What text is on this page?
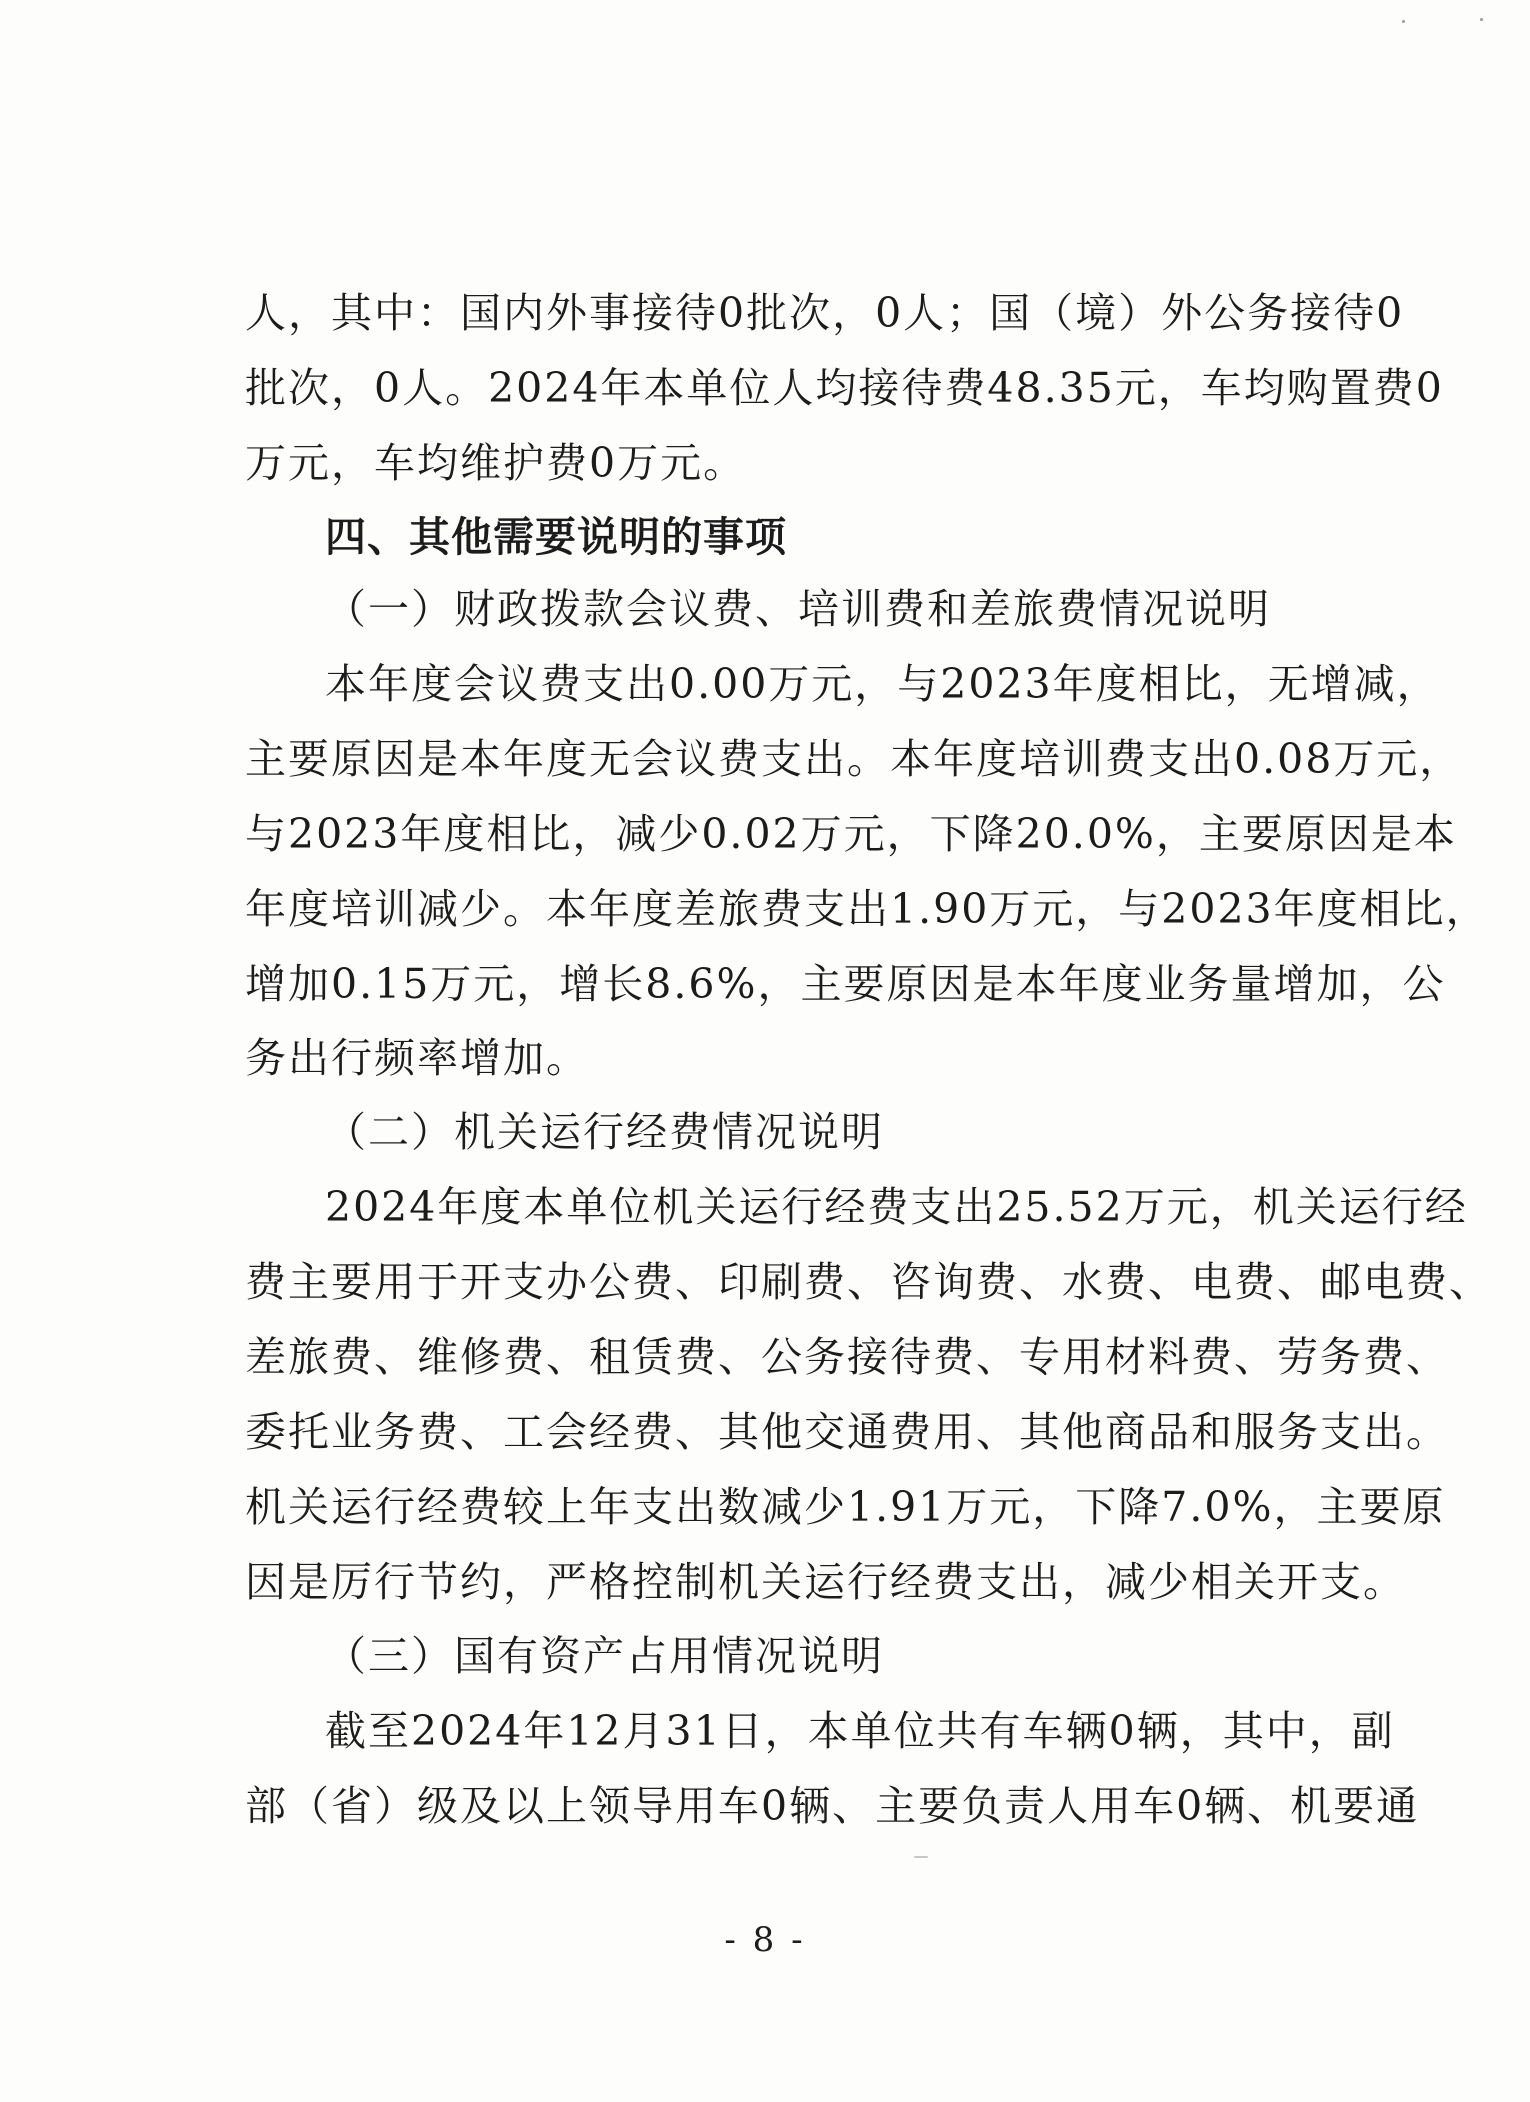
人，其中：国内外事接待0批次，0人；国（境）外公务接待0
批次，0人。2024年本单位人均接待费48.35元，车均购置费0
万元，车均维护费0万元。
四、其他需要说明的事项
（一）财政拨款会议费、培训费和差旅费情况说明
本年度会议费支出0.00万元，与2023年度相比，无增减，
主要原因是本年度无会议费支出。本年度培训费支出0.08万元，
与2023年度相比，减少0.02万元，下降20.0%，主要原因是本
年度培训减少。本年度差旅费支出1.90万元，与2023年度相比，
增加0.15万元，增长8.6%，主要原因是本年度业务量增加，公
务出行频率增加。
（二）机关运行经费情况说明
2024年度本单位机关运行经费支出25.52万元，机关运行经
费主要用于开支办公费、印刷费、咨询费、水费、电费、邮电费、
差旅费、维修费、租赁费、公务接待费、专用材料费、劳务费、
委托业务费、工会经费、其他交通费用、其他商品和服务支出。
机关运行经费较上年支出数减少1.91万元，下降7.0%，主要原
因是厉行节约，严格控制机关运行经费支出，减少相关开支。
（三）国有资产占用情况说明
截至2024年12月31日，本单位共有车辆0辆，其中，副
部（省）级及以上领导用车0辆、主要负责人用车0辆、机要通
- 8 -
